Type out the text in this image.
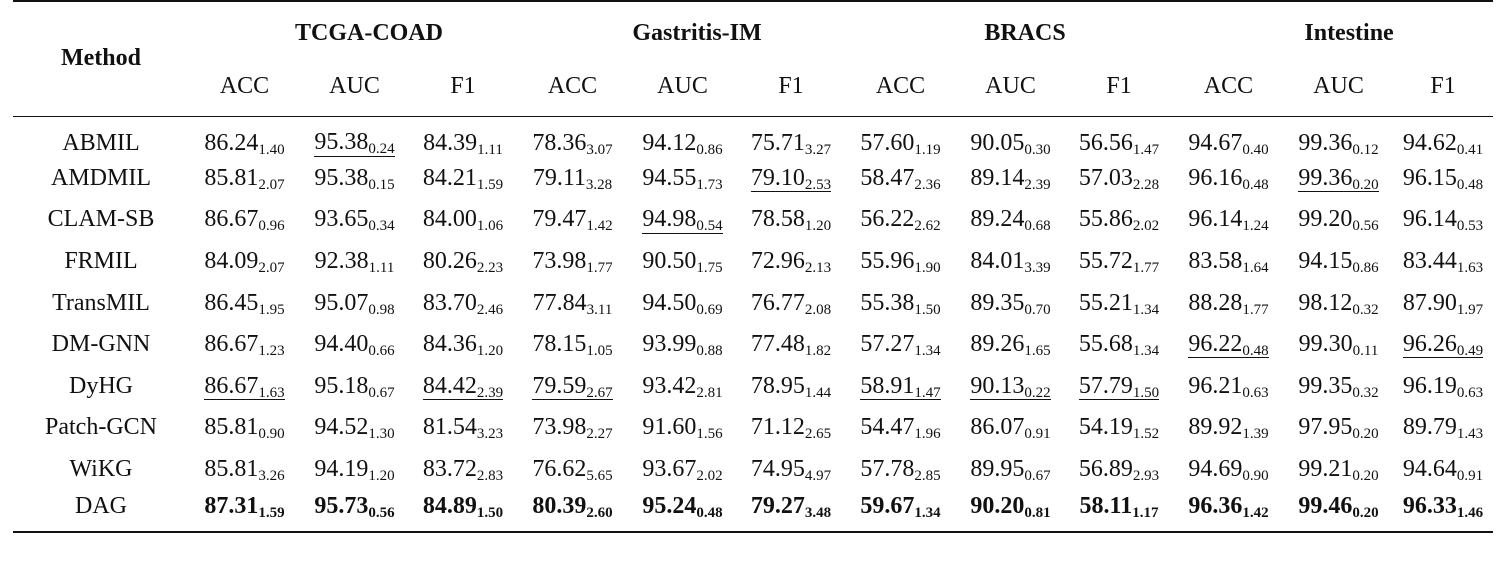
Method	TCGA-COAD			Gastritis-IM			BRACS			Intestine		
	ACC	AUC	F1	ACC	AUC	F1	ACC	AUC	F1	ACC	AUC	F1
ABMIL	$86.24_{1.40}$	$95.38_{0.24}$	$84.39_{1.11}$	$78.36_{3.07}$	$94.12_{0.86}$	$75.71_{3.27}$	$57.60_{1.19}$	$90.05_{0.30}$	$56.56_{1.47}$	$94.67_{0.40}$	$99.36_{0.12}$	$94.62_{0.41}$
AMDMIL	$85.81_{2.07}$	$95.38_{0.15}$	$84.21_{1.59}$	$79.11_{3.28}$	$94.55_{1.73}$	$79.10_{2.53}$	$58.47_{2.36}$	$89.14_{2.39}$	$57.03_{2.28}$	$96.16_{0.48}$	$99.36_{0.20}$	$96.15_{0.48}$
CLAM-SB	$86.67_{0.96}$	$93.65_{0.34}$	$84.00_{1.06}$	$79.47_{1.42}$	$94.98_{0.54}$	$78.58_{1.20}$	$56.22_{2.62}$	$89.24_{0.68}$	$55.86_{2.02}$	$96.14_{1.24}$	$99.20_{0.56}$	$96.14_{0.53}$
FRMIL	$84.09_{2.07}$	$92.38_{1.11}$	$80.26_{2.23}$	$73.98_{1.77}$	$90.50_{1.75}$	$72.96_{2.13}$	$55.96_{1.90}$	$84.01_{3.39}$	$55.72_{1.77}$	$83.58_{1.64}$	$94.15_{0.86}$	$83.44_{1.63}$
TransMIL	$86.45_{1.95}$	$95.07_{0.98}$	$83.70_{2.46}$	$77.84_{3.11}$	$94.50_{0.69}$	$76.77_{2.08}$	$55.38_{1.50}$	$89.35_{0.70}$	$55.21_{1.34}$	$88.28_{1.77}$	$98.12_{0.32}$	$87.90_{1.97}$
DM-GNN	$86.67_{1.23}$	$94.40_{0.66}$	$84.36_{1.20}$	$78.15_{1.05}$	$93.99_{0.88}$	$77.48_{1.82}$	$57.27_{1.34}$	$89.26_{1.65}$	$55.68_{1.34}$	$96.22_{0.48}$	$99.30_{0.11}$	$96.26_{0.49}$
DyHG	$86.67_{1.63}$	$95.18_{0.67}$	$84.42_{2.39}$	$79.59_{2.67}$	$93.42_{2.81}$	$78.95_{1.44}$	$58.91_{1.47}$	$90.13_{0.22}$	$57.79_{1.50}$	$96.21_{0.63}$	$99.35_{0.32}$	$96.19_{0.63}$
Patch-GCN	$85.81_{0.90}$	$94.52_{1.30}$	$81.54_{3.23}$	$73.98_{2.27}$	$91.60_{1.56}$	$71.12_{2.65}$	$54.47_{1.96}$	$86.07_{0.91}$	$54.19_{1.52}$	$89.92_{1.39}$	$97.95_{0.20}$	$89.79_{1.43}$
WiKG	$85.81_{3.26}$	$94.19_{1.20}$	$83.72_{2.83}$	$76.62_{5.65}$	$93.67_{2.02}$	$74.95_{4.97}$	$57.78_{2.85}$	$89.95_{0.67}$	$56.89_{2.93}$	$94.69_{0.90}$	$99.21_{0.20}$	$94.64_{0.91}$
DAG	$87.31_{1.59}$	$95.73_{0.56}$	$84.89_{1.50}$	$80.39_{2.60}$	$95.24_{0.48}$	$79.27_{3.48}$	$59.67_{1.34}$	$90.20_{0.81}$	$58.11_{1.17}$	$96.36_{1.42}$	$99.46_{0.20}$	$96.33_{1.46}$
